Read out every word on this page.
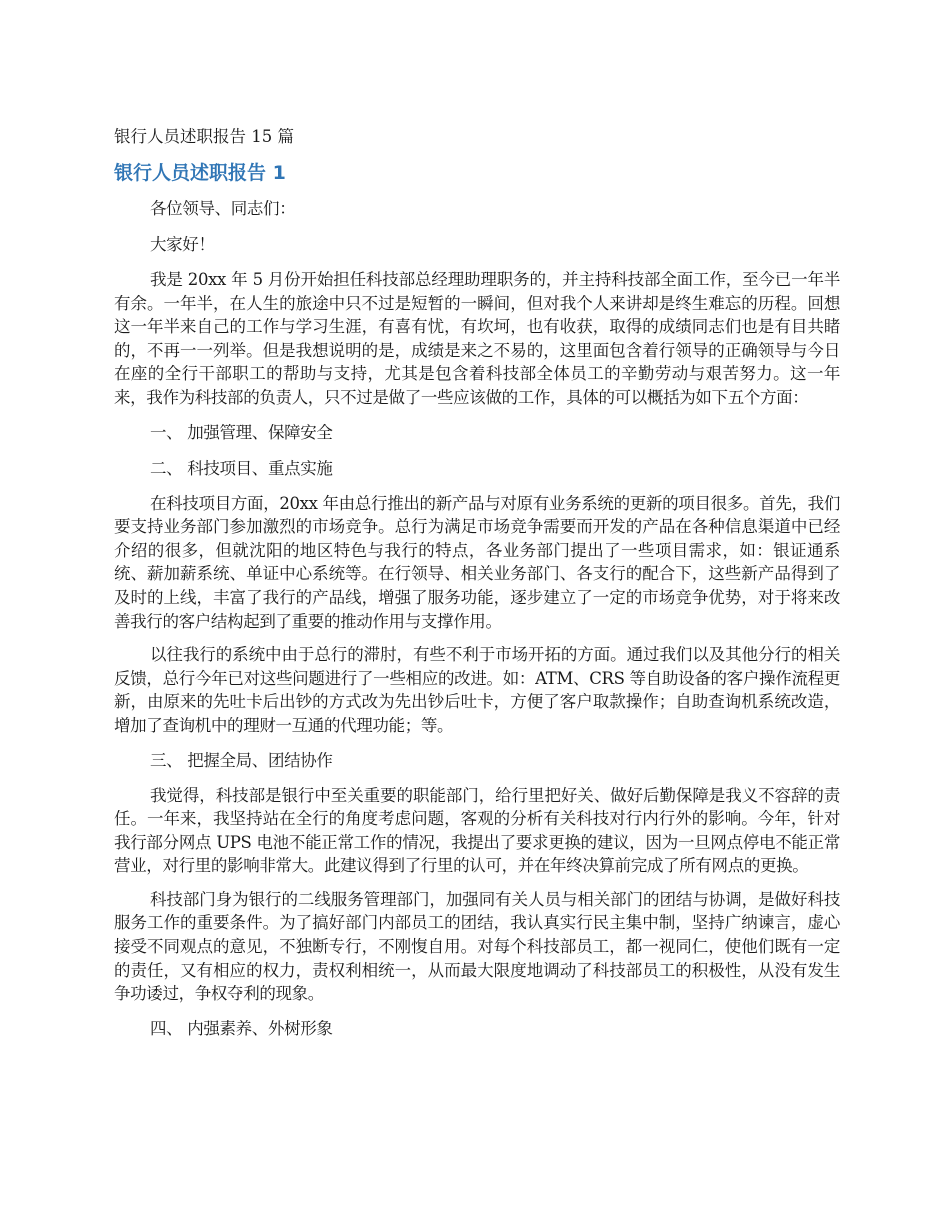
银行人员述职报告 15 篇
银行人员述职报告 1

各位领导、同志们：

大家好！

我是 20xx 年 5 月份开始担任科技部总经理助理职务的，并主持科技部全面工作，至今已一年半有余。一年半，在人生的旅途中只不过是短暂的一瞬间，但对我个人来讲却是终生难忘的历程。回想这一年半来自己的工作与学习生涯，有喜有忧，有坎坷，也有收获，取得的成绩同志们也是有目共睹的，不再一一列举。但是我想说明的是，成绩是来之不易的，这里面包含着行领导的正确领导与今日在座的全行干部职工的帮助与支持，尤其是包含着科技部全体员工的辛勤劳动与艰苦努力。这一年来，我作为科技部的负责人，只不过是做了一些应该做的工作，具体的可以概括为如下五个方面：

一、 加强管理、保障安全

二、 科技项目、重点实施

在科技项目方面，20xx 年由总行推出的新产品与对原有业务系统的更新的项目很多。首先，我们要支持业务部门参加激烈的市场竞争。总行为满足市场竞争需要而开发的产品在各种信息渠道中已经介绍的很多，但就沈阳的地区特色与我行的特点，各业务部门提出了一些项目需求，如：银证通系统、薪加薪系统、单证中心系统等。在行领导、相关业务部门、各支行的配合下，这些新产品得到了及时的上线，丰富了我行的产品线，增强了服务功能，逐步建立了一定的市场竞争优势，对于将来改善我行的客户结构起到了重要的推动作用与支撑作用。

以往我行的系统中由于总行的滞肘，有些不利于市场开拓的方面。通过我们以及其他分行的相关反馈，总行今年已对这些问题进行了一些相应的改进。如：ATM、CRS 等自助设备的客户操作流程更新，由原来的先吐卡后出钞的方式改为先出钞后吐卡，方便了客户取款操作；自助查询机系统改造，增加了查询机中的理财一互通的代理功能；等。

三、 把握全局、团结协作

我觉得，科技部是银行中至关重要的职能部门，给行里把好关、做好后勤保障是我义不容辞的责任。一年来，我坚持站在全行的角度考虑问题，客观的分析有关科技对行内行外的影响。今年，针对我行部分网点 UPS 电池不能正常工作的情况，我提出了要求更换的建议，因为一旦网点停电不能正常营业，对行里的影响非常大。此建议得到了行里的认可，并在年终决算前完成了所有网点的更换。

科技部门身为银行的二线服务管理部门，加强同有关人员与相关部门的团结与协调，是做好科技服务工作的重要条件。为了搞好部门内部员工的团结，我认真实行民主集中制，坚持广纳谏言，虚心接受不同观点的意见，不独断专行，不刚愎自用。对每个科技部员工，都一视同仁，使他们既有一定的责任，又有相应的权力，责权利相统一，从而最大限度地调动了科技部员工的积极性，从没有发生争功诿过，争权夺利的现象。

四、 内强素养、外树形象
